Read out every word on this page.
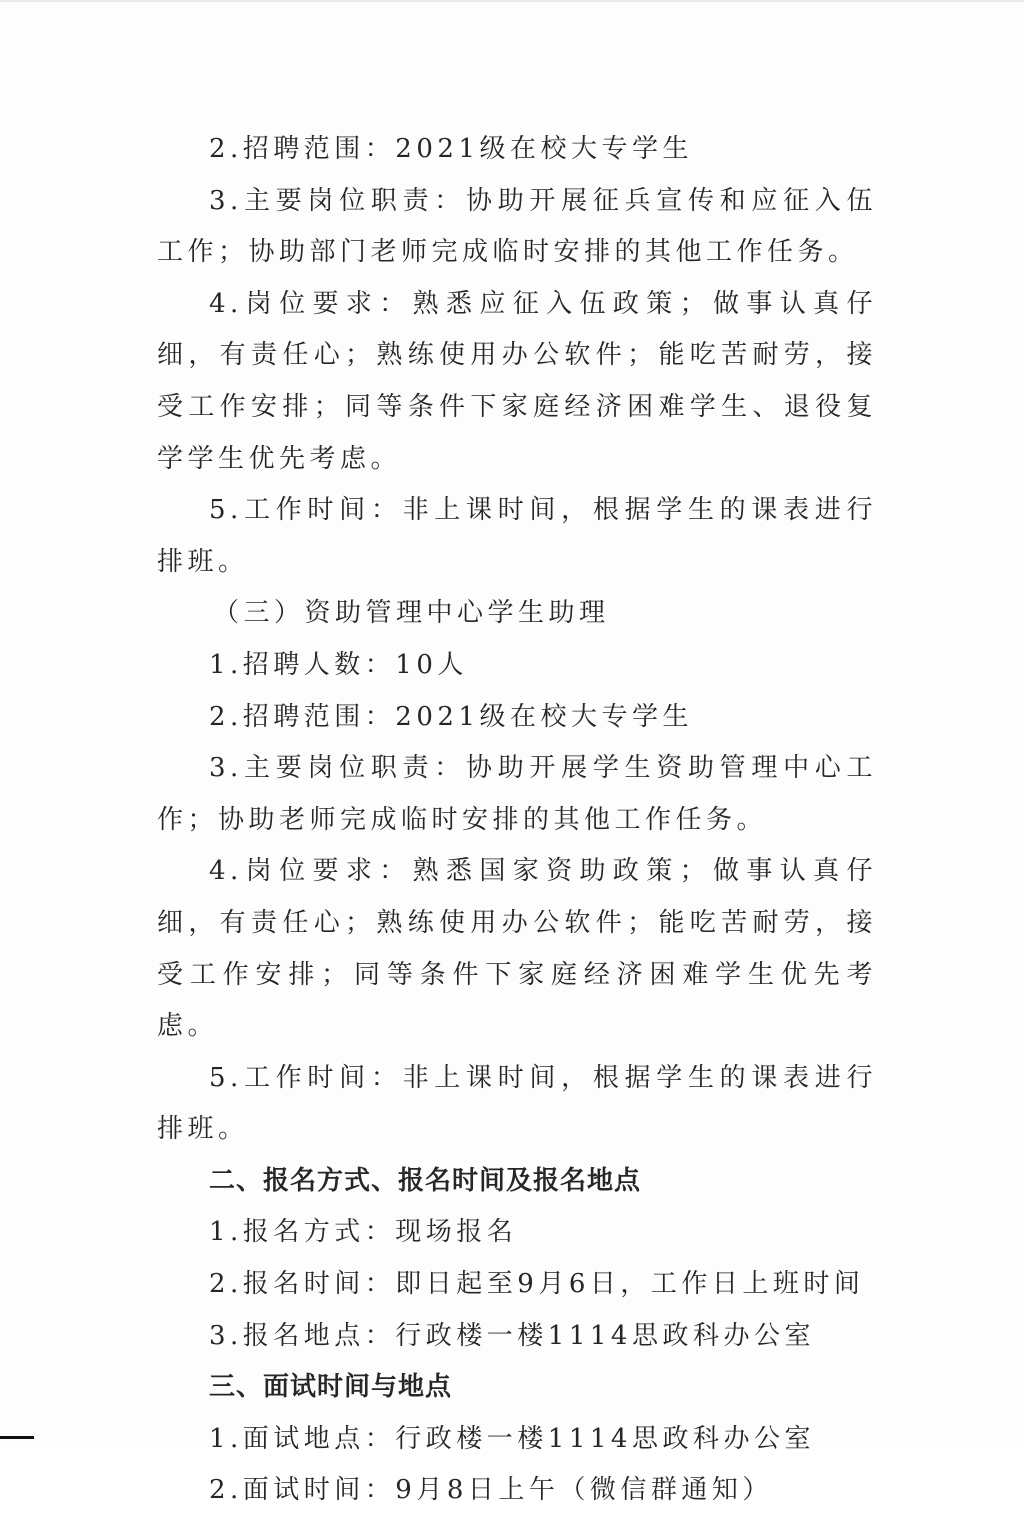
2.招聘范围：2021级在校大专学生

3.主要岗位职责：协助开展征兵宣传和应征入伍工作；协助部门老师完成临时安排的其他工作任务。

4.岗位要求：熟悉应征入伍政策；做事认真仔细，有责任心；熟练使用办公软件；能吃苦耐劳，接受工作安排；同等条件下家庭经济困难学生、退役复学学生优先考虑。

5.工作时间：非上课时间，根据学生的课表进行排班。

（三）资助管理中心学生助理

1.招聘人数：10人

2.招聘范围：2021级在校大专学生

3.主要岗位职责：协助开展学生资助管理中心工作；协助老师完成临时安排的其他工作任务。

4.岗位要求：熟悉国家资助政策；做事认真仔细，有责任心；熟练使用办公软件；能吃苦耐劳，接受工作安排；同等条件下家庭经济困难学生优先考虑。

5.工作时间：非上课时间，根据学生的课表进行排班。

二、报名方式、报名时间及报名地点

1.报名方式：现场报名

2.报名时间：即日起至9月6日，工作日上班时间

3.报名地点：行政楼一楼1114思政科办公室

三、面试时间与地点

1.面试地点：行政楼一楼1114思政科办公室

2.面试时间：9月8日上午（微信群通知）
